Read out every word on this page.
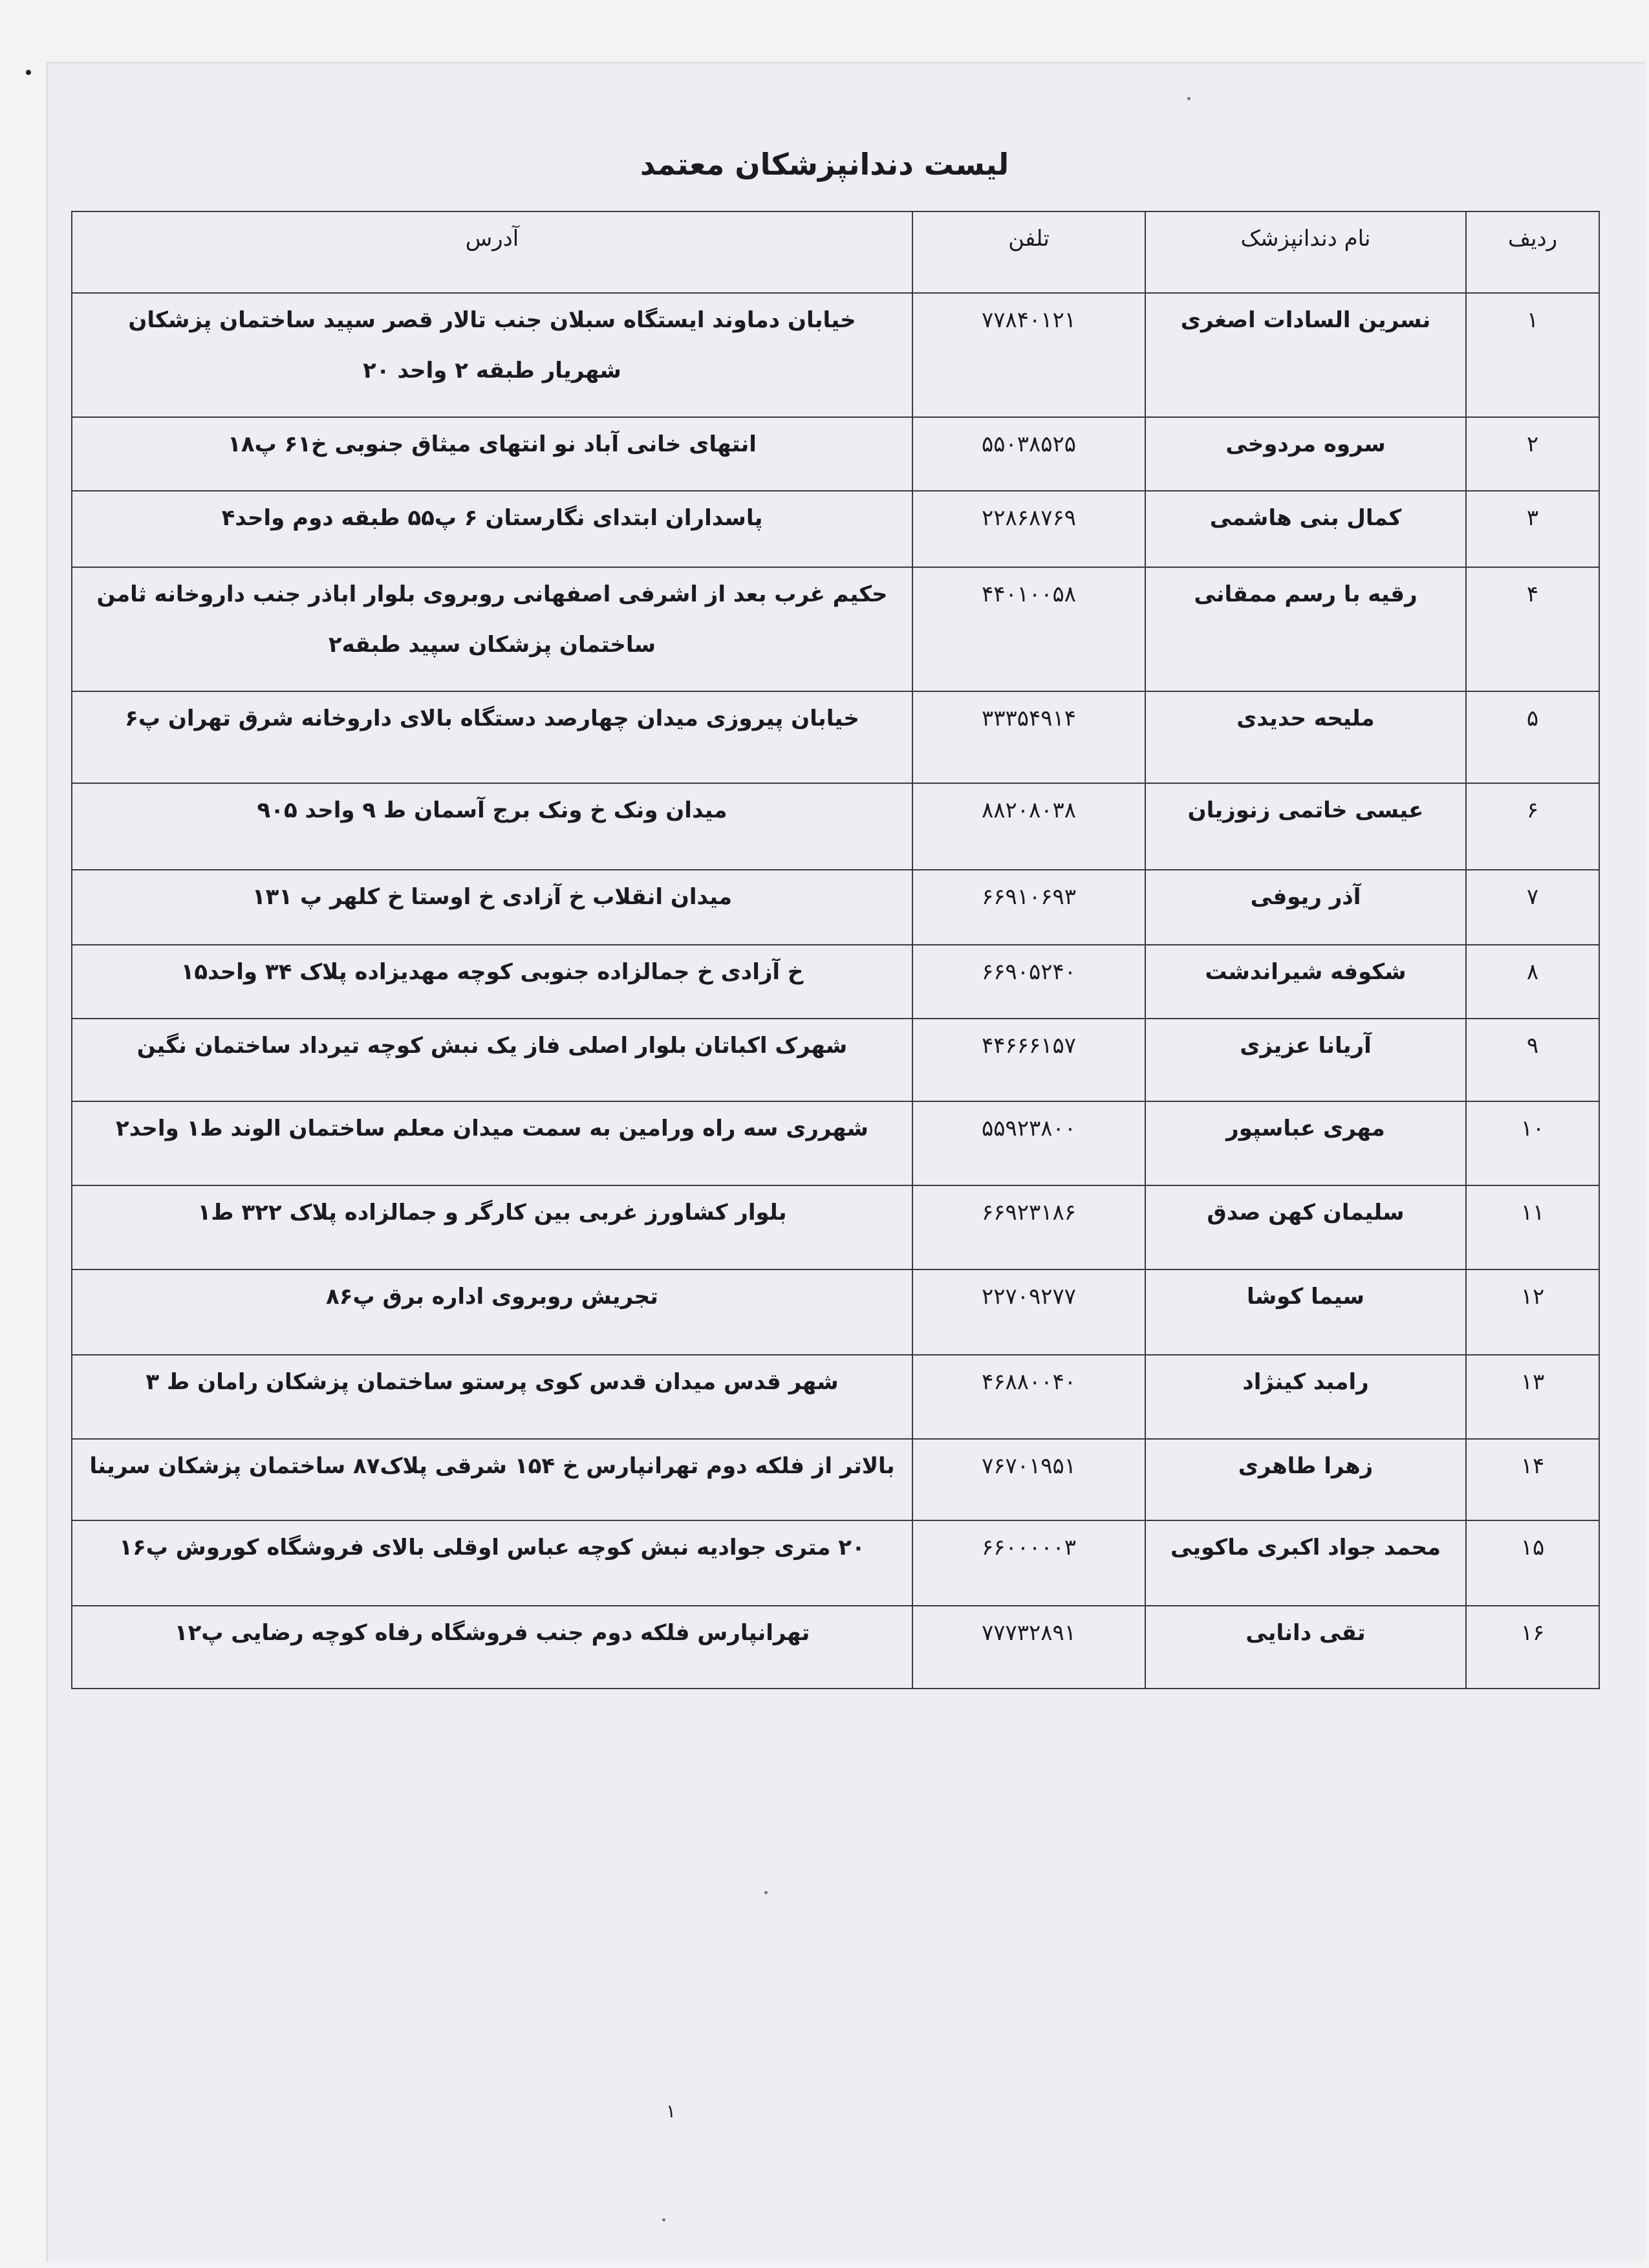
لیست دندانپزشکان معتمد
ردیف	نام دندانپزشک	تلفن	آدرس
۱	نسرین السادات اصغری	۷۷۸۴۰۱۲۱	خیابان دماوند ایستگاه سبلان جنب تالار قصر سپید ساختمان پزشکان شهریار طبقه ۲ واحد ۲۰
۲	سروه مردوخی	۵۵۰۳۸۵۲۵	انتهای خانی آباد نو انتهای میثاق جنوبی خ۶۱ پ۱۸
۳	کمال بنی هاشمی	۲۲۸۶۸۷۶۹	پاسداران ابتدای نگارستان ۶ پ۵۵ طبقه دوم واحد۴
۴	رقیه با رسم ممقانی	۴۴۰۱۰۰۵۸	حکیم غرب بعد از اشرفی اصفهانی روبروی بلوار اباذر جنب داروخانه ثامن ساختمان پزشکان سپید طبقه۲
۵	ملیحه حدیدی	۳۳۳۵۴۹۱۴	خیابان پیروزی میدان چهارصد دستگاه بالای داروخانه شرق تهران پ۶
۶	عیسی خاتمی زنوزیان	۸۸۲۰۸۰۳۸	میدان ونک خ ونک برج آسمان ط ۹ واحد ۹۰۵
۷	آذر ریوفی	۶۶۹۱۰۶۹۳	میدان انقلاب خ آزادی خ اوستا خ کلهر پ ۱۳۱
۸	شکوفه شیراندشت	۶۶۹۰۵۲۴۰	خ آزادی خ جمالزاده جنوبی کوچه مهدیزاده پلاک ۳۴ واحد۱۵
۹	آریانا عزیزی	۴۴۶۶۶۱۵۷	شهرک اکباتان بلوار اصلی فاز یک نبش کوچه تیرداد ساختمان نگین
۱۰	مهری عباسپور	۵۵۹۲۳۸۰۰	شهرری سه راه ورامین به سمت میدان معلم ساختمان الوند ط۱ واحد۲
۱۱	سلیمان کهن صدق	۶۶۹۲۳۱۸۶	بلوار کشاورز غربی بین کارگر و جمالزاده پلاک ۳۲۲ ط۱
۱۲	سیما کوشا	۲۲۷۰۹۲۷۷	تجریش روبروی اداره برق پ۸۶
۱۳	رامبد کینژاد	۴۶۸۸۰۰۴۰	شهر قدس میدان قدس کوی پرستو ساختمان پزشکان رامان ط ۳
۱۴	زهرا طاهری	۷۶۷۰۱۹۵۱	بالاتر از فلکه دوم تهرانپارس خ ۱۵۴ شرقی پلاک۸۷ ساختمان پزشکان سرینا
۱۵	محمد جواد اکبری ماکویی	۶۶۰۰۰۰۰۳	۲۰ متری جوادیه نبش کوچه عباس اوقلی بالای فروشگاه کوروش پ۱۶
۱۶	تقی دانایی	۷۷۷۳۲۸۹۱	تهرانپارس فلکه دوم جنب فروشگاه رفاه کوچه رضایی پ۱۲
۱
